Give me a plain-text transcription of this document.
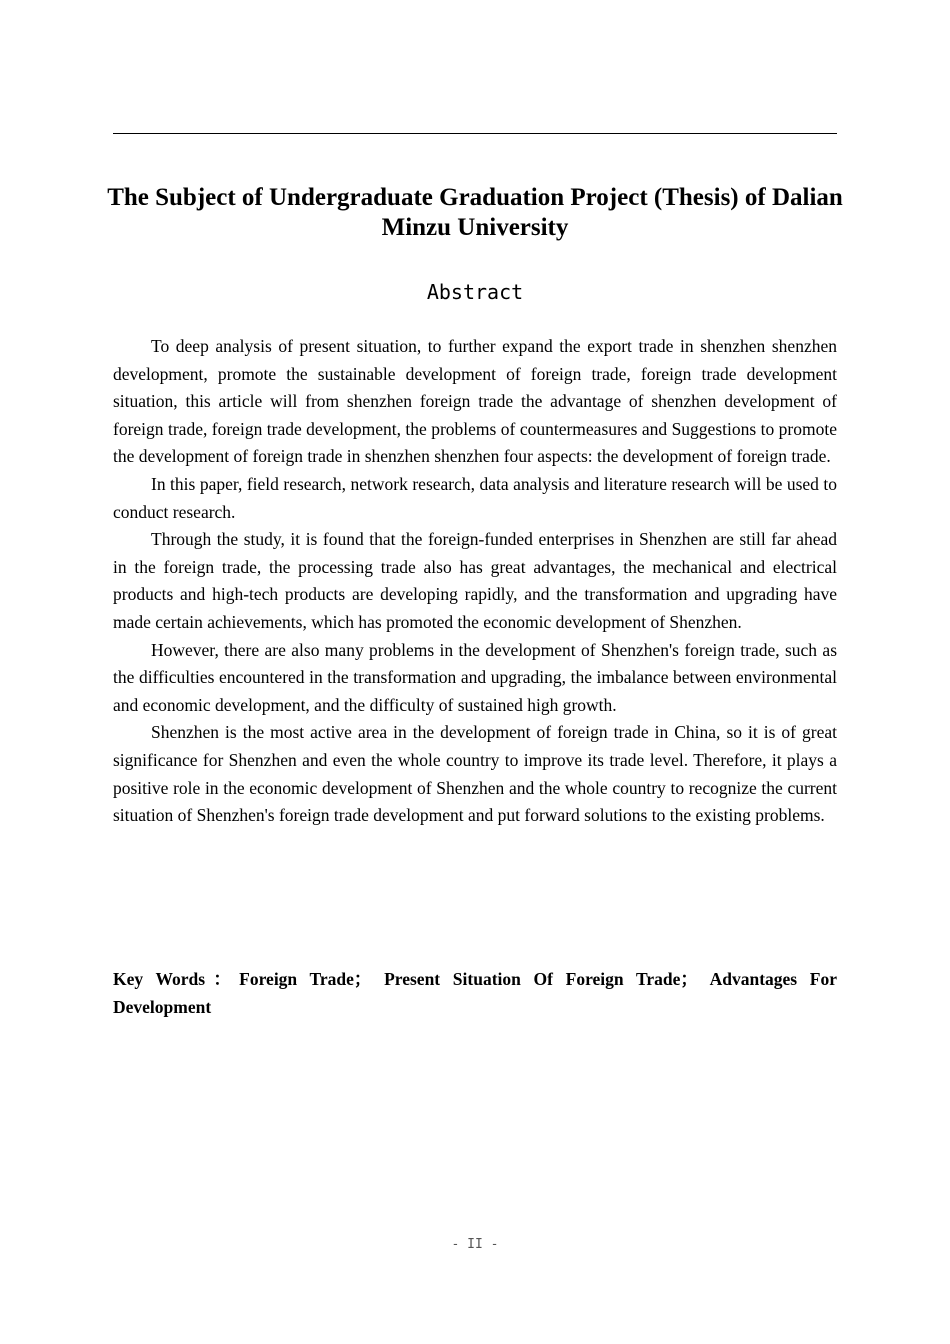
The Subject of Undergraduate Graduation Project (Thesis) of Dalian Minzu University
Abstract

To deep analysis of present situation, to further expand the export trade in shenzhen shenzhen development, promote the sustainable development of foreign trade, foreign trade development situation, this article will from shenzhen foreign trade the advantage of shenzhen development of foreign trade, foreign trade development, the problems of countermeasures and Suggestions to promote the development of foreign trade in shenzhen shenzhen four aspects: the development of foreign trade.

In this paper, field research, network research, data analysis and literature research will be used to conduct research.

Through the study, it is found that the foreign-funded enterprises in Shenzhen are still far ahead in the foreign trade, the processing trade also has great advantages, the mechanical and electrical products and high-tech products are developing rapidly, and the transformation and upgrading have made certain achievements, which has promoted the economic development of Shenzhen.

However, there are also many problems in the development of Shenzhen's foreign trade, such as the difficulties encountered in the transformation and upgrading, the imbalance between environmental and economic development, and the difficulty of sustained high growth.

Shenzhen is the most active area in the development of foreign trade in China, so it is of great significance for Shenzhen and even the whole country to improve its trade level. Therefore, it plays a positive role in the economic development of Shenzhen and the whole country to recognize the current situation of Shenzhen's foreign trade development and put forward solutions to the existing problems.

Key Words：Foreign Trade； Present Situation Of Foreign Trade； Advantages For Development

- II -
